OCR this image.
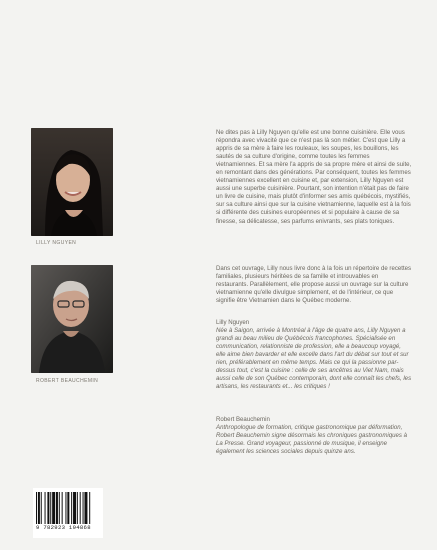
LILLY NGUYEN
ROBERT BEAUCHEMIN

Ne dites pas à Lilly Nguyen qu'elle est une bonne cuisinière. Elle vous répondra avec vivacité que ce n'est pas là son métier. C'est que Lilly a appris de sa mère à faire les rouleaux, les soupes, les bouillons, les sautés de sa culture d'origine, comme toutes les femmes vietnamiennes. Et sa mère l'a appris de sa propre mère et ainsi de suite, en remontant dans des générations. Par conséquent, toutes les femmes vietnamiennes excellent en cuisine et, par extension, Lilly Nguyen est aussi une superbe cuisinière. Pourtant, son intention n'était pas de faire un livre de cuisine, mais plutôt d'informer ses amis québécois, mystifiés, sur sa culture ainsi que sur la cuisine vietnamienne, laquelle est à la fois si différente des cuisines européennes et si populaire à cause de sa finesse, sa délicatesse, ses parfums enivrants, ses plats toniques.

Dans cet ouvrage, Lilly nous livre donc à la fois un répertoire de recettes familiales, plusieurs héritées de sa famille et introuvables en restaurants. Parallèlement, elle propose aussi un ouvrage sur la culture vietnamienne qu'elle divulgue simplement, et de l'intérieur, ce que signifie être Vietnamien dans le Québec moderne.

Lilly Nguyen

Née à Saigon, arrivée à Montréal à l'âge de quatre ans, Lilly Nguyen a grandi au beau milieu de Québécois francophones. Spécialisée en communication, relationniste de profession, elle a beaucoup voyagé, elle aime bien bavarder et elle excelle dans l'art du débat sur tout et sur rien, préférablement en même temps. Mais ce qui la passionne par-dessus tout, c'est la cuisine : celle de ses ancêtres au Viet Nam, mais aussi celle de son Québec contemporain, dont elle connaît les chefs, les artisans, les restaurants et... les critiques !

Robert Beauchemin

Anthropologue de formation, critique gastronomique par déformation, Robert Beauchemin signe désormais les chroniques gastronomiques à La Presse. Grand voyageur, passionné de musique, il enseigne également les sciences sociales depuis quinze ans.

9 782923 194868
